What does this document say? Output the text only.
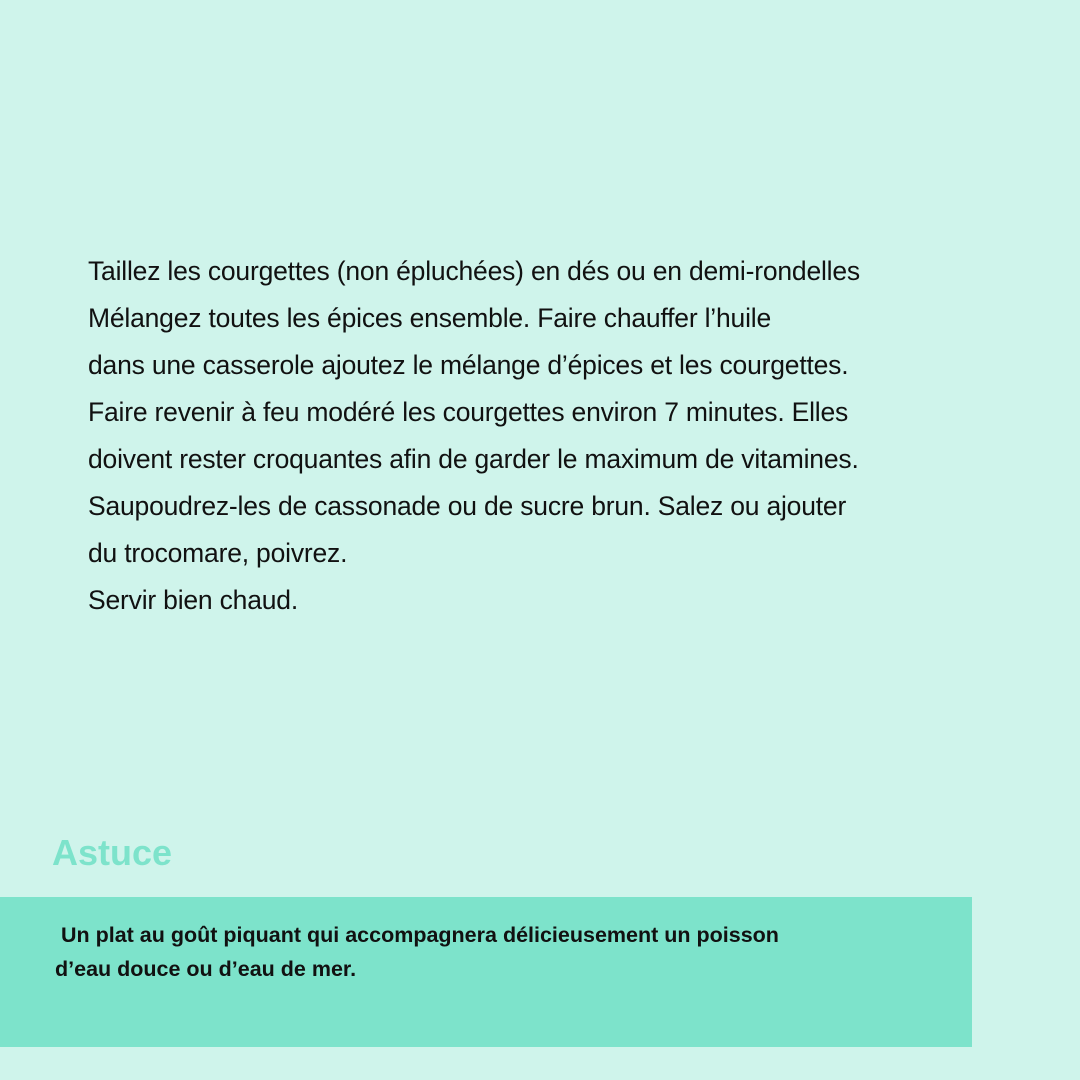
Taillez les courgettes (non épluchées) en dés ou en demi-rondelles
Mélangez toutes les épices ensemble. Faire chauffer l’huile
dans une casserole ajoutez le mélange d’épices et les courgettes.
Faire revenir à feu modéré les courgettes environ 7 minutes. Elles
doivent rester croquantes afin de garder le maximum de vitamines.
Saupoudrez-les de cassonade ou de sucre brun. Salez ou ajouter
du trocomare, poivrez.
Servir bien chaud.
Astuce

Un plat au goût piquant qui accompagnera délicieusement un poisson
d’eau douce ou d’eau de mer.
